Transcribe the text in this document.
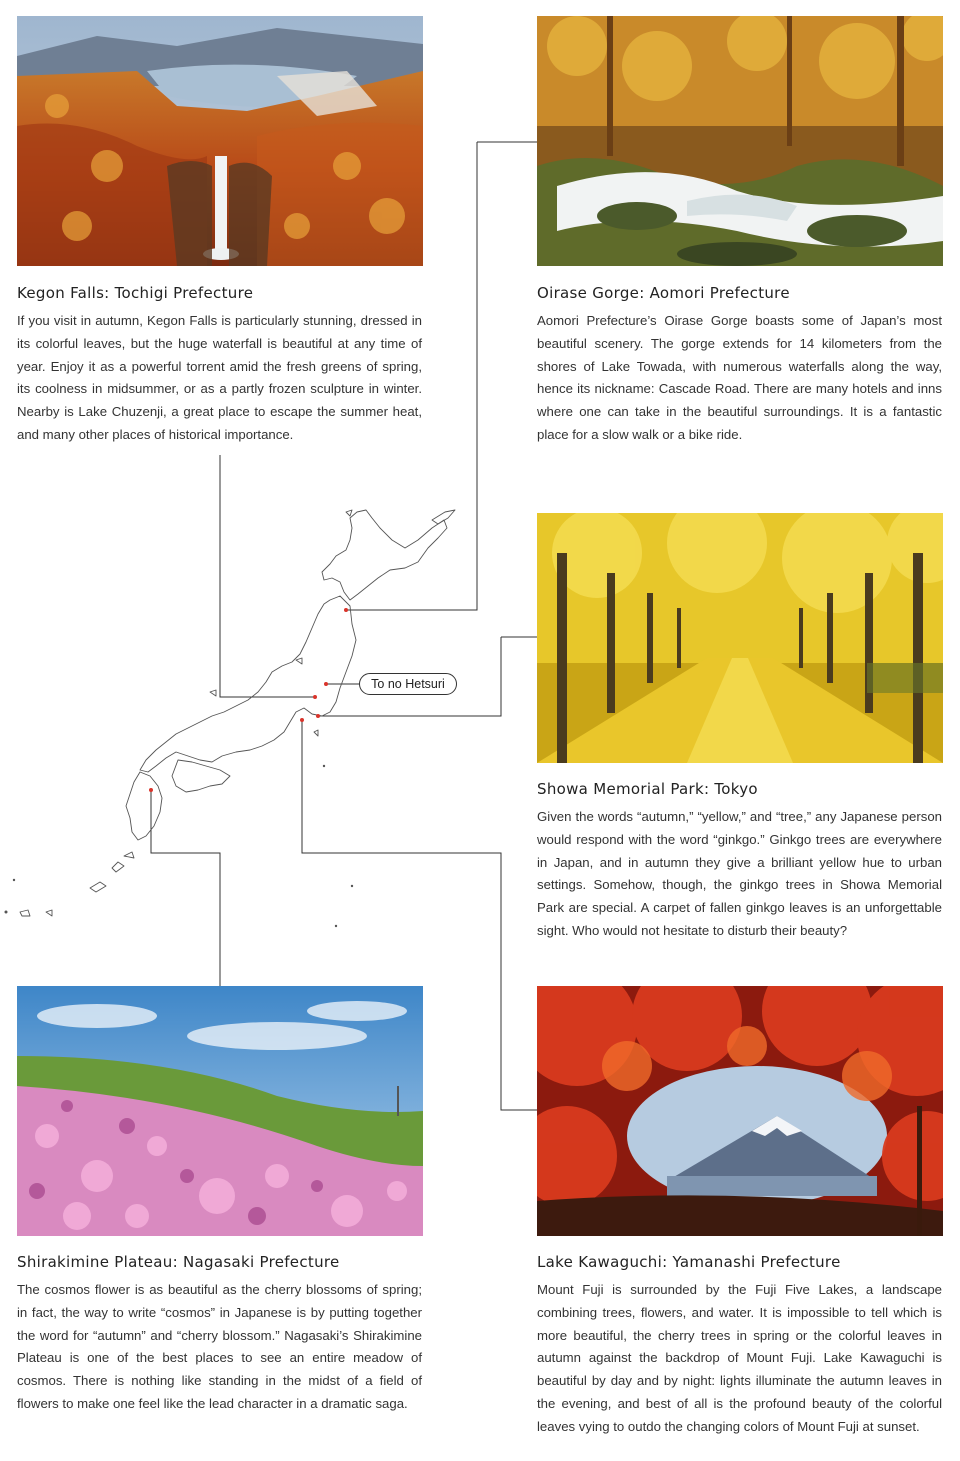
To no Hetsuri
Kegon Falls: Tochigi Prefecture
If you visit in autumn, Kegon Falls is particularly stunning, dressed in its colorful leaves, but the huge waterfall is beautiful at any time of year. Enjoy it as a powerful torrent amid the fresh greens of spring, its coolness in midsummer, or as a partly frozen sculpture in winter. Nearby is Lake Chuzenji, a great place to escape the summer heat, and many other places of historical importance.
Oirase Gorge: Aomori Prefecture
Aomori Prefecture’s Oirase Gorge boasts some of Japan’s most beautiful scenery. The gorge extends for 14 kilometers from the shores of Lake Towada, with numerous waterfalls along the way, hence its nickname: Cascade Road. There are many hotels and inns where one can take in the beautiful surroundings. It is a fantastic place for a slow walk or a bike ride.
Showa Memorial Park: Tokyo
Given the words “autumn,” “yellow,” and “tree,” any Japanese person would respond with the word “ginkgo.” Ginkgo trees are everywhere in Japan, and in autumn they give a brilliant yellow hue to urban settings. Somehow, though, the ginkgo trees in Showa Memorial Park are special. A carpet of fallen ginkgo leaves is an unforgettable sight. Who would not hesitate to disturb their beauty?
Shirakimine Plateau: Nagasaki Prefecture
The cosmos flower is as beautiful as the cherry blossoms of spring; in fact, the way to write “cosmos” in Japanese is by putting together the word for “autumn” and “cherry blossom.” Nagasaki’s Shirakimine Plateau is one of the best places to see an entire meadow of cosmos. There is nothing like standing in the midst of a field of flowers to make one feel like the lead character in a dramatic saga.
Lake Kawaguchi: Yamanashi Prefecture
Mount Fuji is surrounded by the Fuji Five Lakes, a landscape combining trees, flowers, and water. It is impossible to tell which is more beautiful, the cherry trees in spring or the colorful leaves in autumn against the backdrop of Mount Fuji. Lake Kawaguchi is beautiful by day and by night: lights illuminate the autumn leaves in the evening, and best of all is the profound beauty of the colorful leaves vying to outdo the changing colors of Mount Fuji at sunset.
